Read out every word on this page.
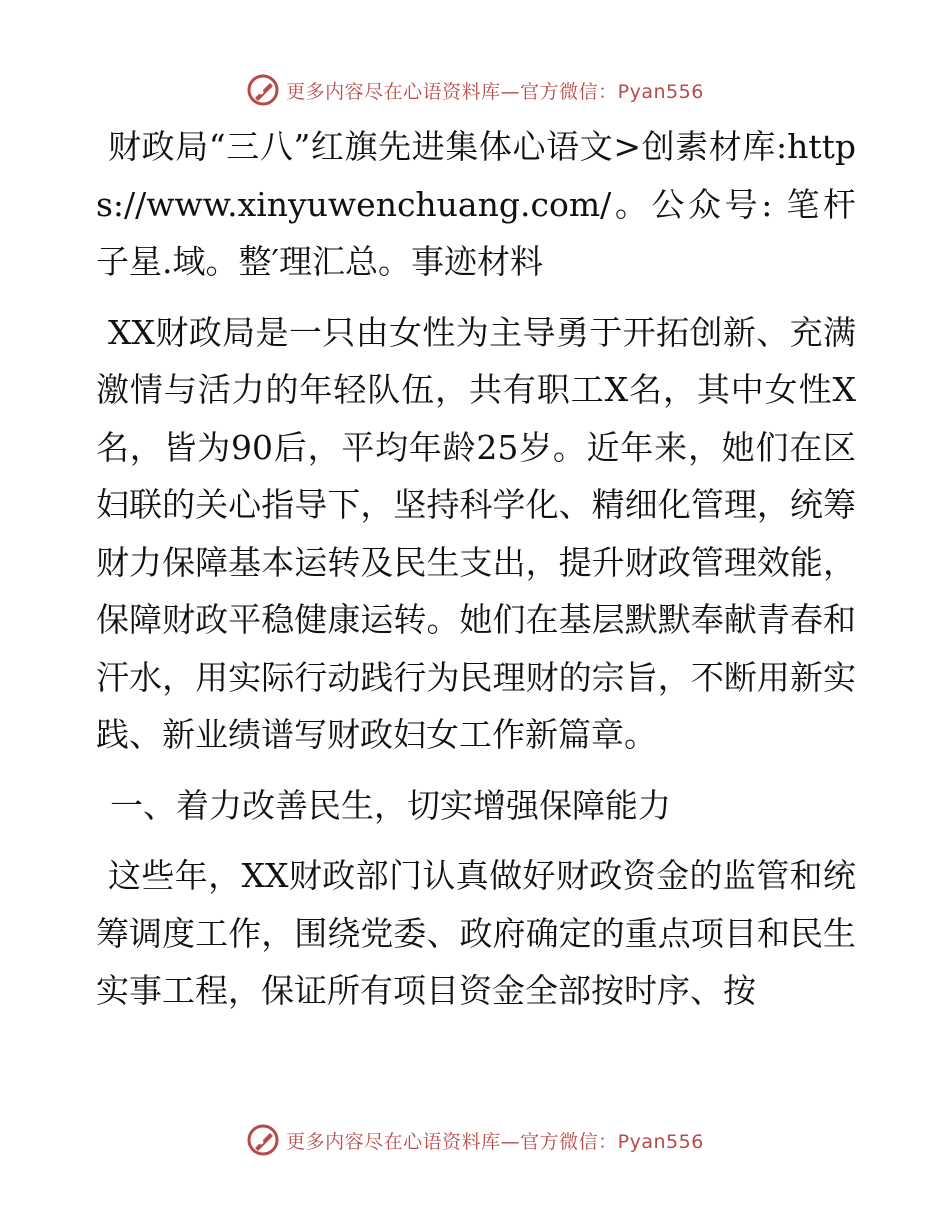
更多内容尽在心语资料库—官方微信：Pyan556

财政局“三八”红旗先进集体心语文>创素材库:https://www.xinyuwenchuang.com/。公众号: 笔杆子星.域。整′理汇总。事迹材料

XX财政局是一只由女性为主导勇于开拓创新、充满激情与活力的年轻队伍，共有职工X名，其中女性X名，皆为90后，平均年龄25岁。近年来，她们在区妇联的关心指导下，坚持科学化、精细化管理，统筹财力保障基本运转及民生支出，提升财政管理效能，保障财政平稳健康运转。她们在基层默默奉献青春和汗水，用实际行动践行为民理财的宗旨，不断用新实践、新业绩谱写财政妇女工作新篇章。

一、着力改善民生，切实增强保障能力

这些年，XX财政部门认真做好财政资金的监管和统筹调度工作，围绕党委、政府确定的重点项目和民生实事工程，保证所有项目资金全部按时序、按

更多内容尽在心语资料库—官方微信：Pyan556
